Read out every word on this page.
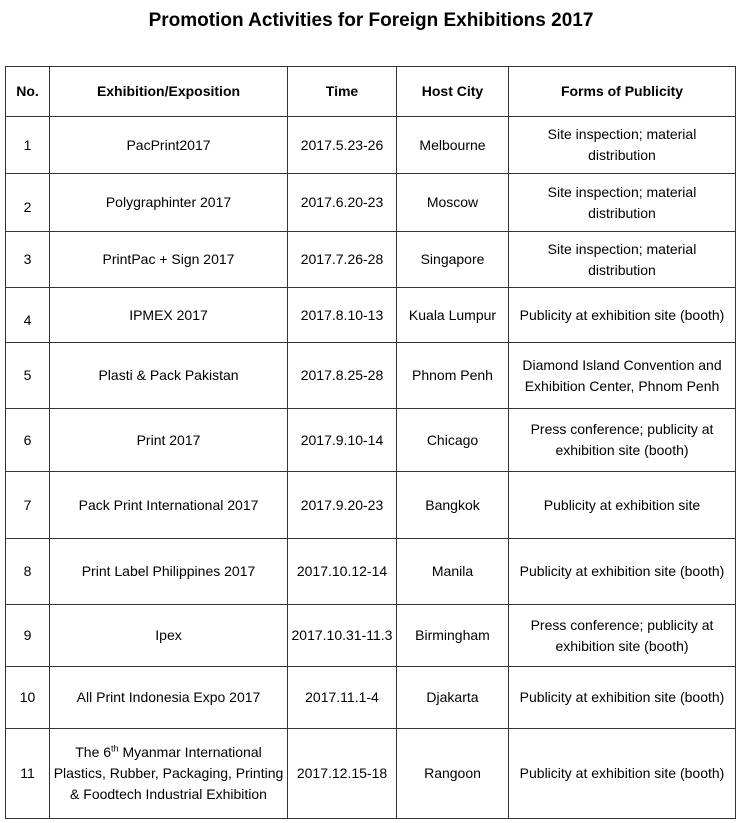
Promotion Activities for Foreign Exhibitions 2017
No.	Exhibition/Exposition	Time	Host City	Forms of Publicity
1	PacPrint2017	2017.5.23-26	Melbourne	Site inspection; material distribution
2	Polygraphinter 2017	2017.6.20-23	Moscow	Site inspection; material distribution
3	PrintPac + Sign 2017	2017.7.26-28	Singapore	Site inspection; material distribution
4	IPMEX 2017	2017.8.10-13	Kuala Lumpur	Publicity at exhibition site (booth)
5	Plasti & Pack Pakistan	2017.8.25-28	Phnom Penh	Diamond Island Convention and Exhibition Center, Phnom Penh
6	Print 2017	2017.9.10-14	Chicago	Press conference; publicity at exhibition site (booth)
7	Pack Print International 2017	2017.9.20-23	Bangkok	Publicity at exhibition site
8	Print Label Philippines 2017	2017.10.12-14	Manila	Publicity at exhibition site (booth)
9	Ipex	2017.10.31-11.3	Birmingham	Press conference; publicity at exhibition site (booth)
10	All Print Indonesia Expo 2017	2017.11.1-4	Djakarta	Publicity at exhibition site (booth)
11	The 6th Myanmar International Plastics, Rubber, Packaging, Printing & Foodtech Industrial Exhibition	2017.12.15-18	Rangoon	Publicity at exhibition site (booth)
